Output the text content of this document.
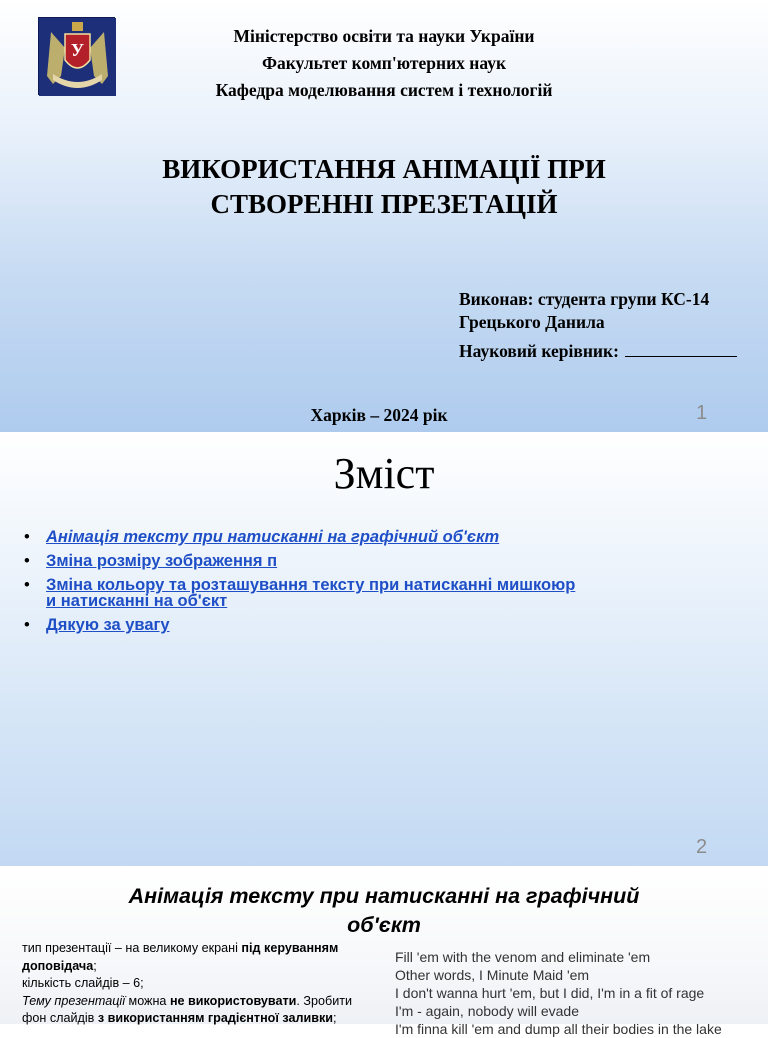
У
Міністерство освіти та науки України
Факультет комп'ютерних наук
Кафедра моделювання систем і технологій
ВИКОРИСТАННЯ АНІМАЦІЇ ПРИ
СТВОРЕННІ ПРЕЗЕТАЦІЙ
Виконав: студента групи КС-14
Грецького Данила
Науковий керівник:
Харків – 2024 рік	1
Зміст
• Анімація тексту при натисканні на графічний об'єкт
• Зміна розміру зображення п
• Зміна кольору та розташування тексту при натисканні мишкоюр
и натисканні на об'єкт
• Дякую за увагу
2
Анімація тексту при натисканні на графічний
об'єкт
тип презентації – на великому екрані під керуванням
доповідача;
кількість слайдів – 6;
Тему презентації можна не використовувати. Зробити
фон слайдів з використанням градієнтної заливки;
Fill 'em with the venom and eliminate 'em
Other words, I Minute Maid 'em
I don't wanna hurt 'em, but I did, I'm in a fit of rage
I'm - again, nobody will evade
I'm finna kill 'em and dump all their bodies in the lake
